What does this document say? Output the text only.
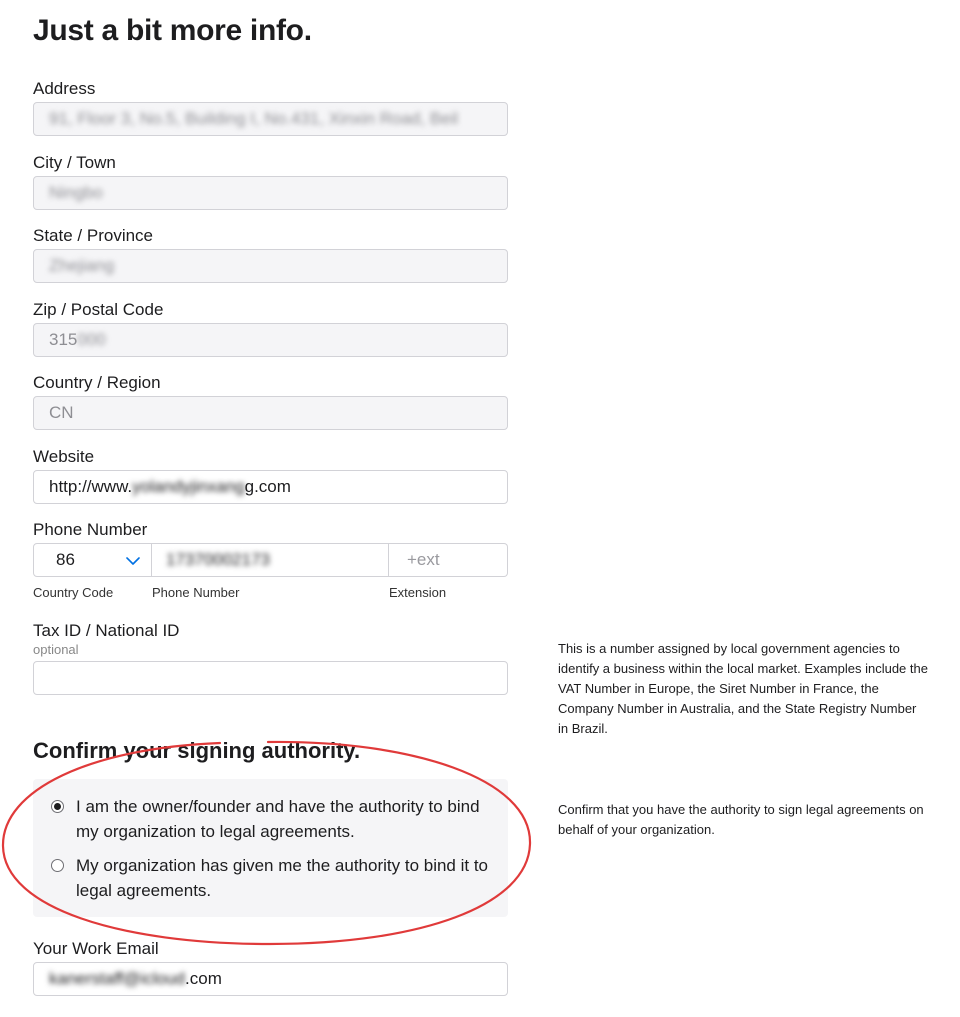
Just a bit more info.
Address
91, Floor 3, No.5, Building I, No.431, Xinxin Road, Beil
City / Town
Ningbo
State / Province
Zhejiang
Zip / Postal Code
315000
Country / Region
CN
Website
http://www.yolandyjinxangg.com
Phone Number
86	17370002173	+ext
Country Code	Phone Number	Extension
Tax ID / National ID
optional	This is a number assigned by local government agencies to identify a business within the local market. Examples include the VAT Number in Europe, the Siret Number in France, the Company Number in Australia, and the State Registry Number in Brazil.
Confirm your signing authority.
I am the owner/founder and have the authority to bind my organization to legal agreements.
My organization has given me the authority to bind it to legal agreements.
Confirm that you have the authority to sign legal agreements on behalf of your organization.
Your Work Email
kanerstaff@icloud.com
